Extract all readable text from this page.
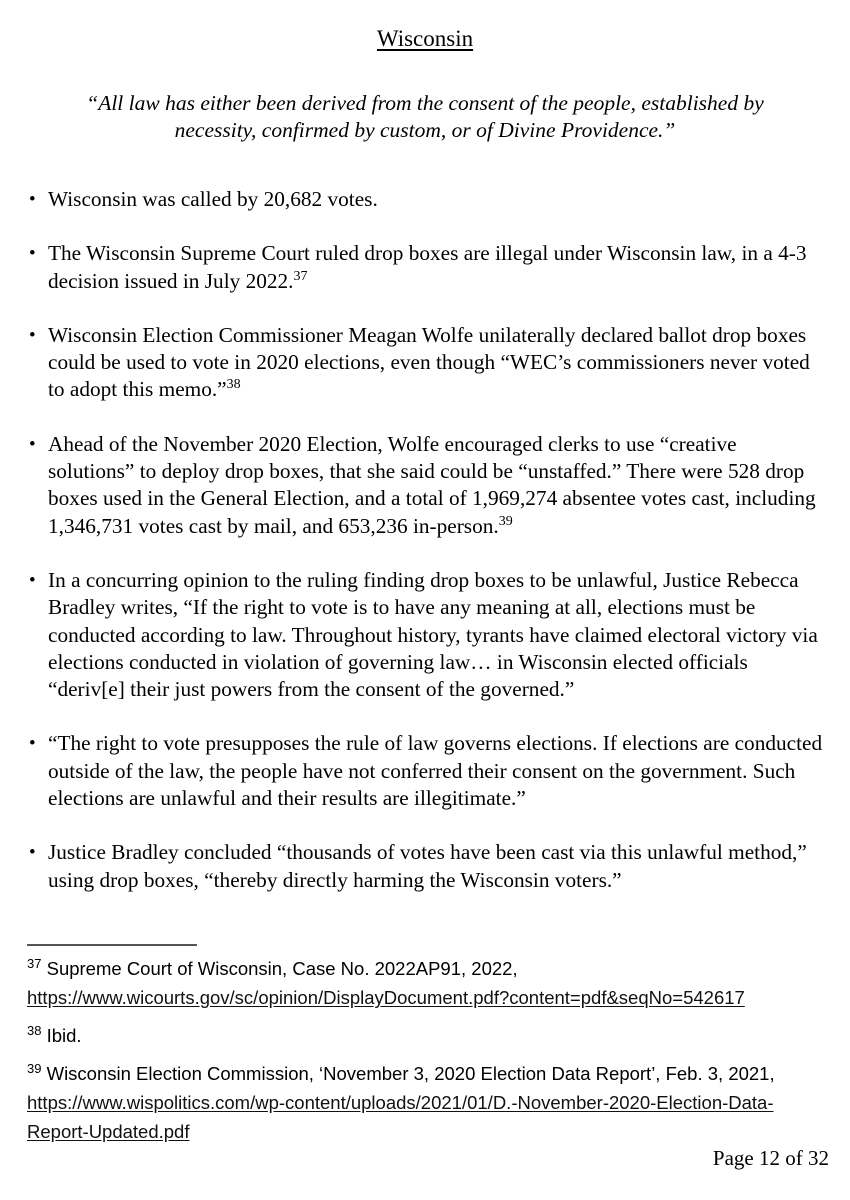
Wisconsin
“All law has either been derived from the consent of the people, established by
necessity, confirmed by custom, or of Divine Providence.”
• Wisconsin was called by 20,682 votes.
• The Wisconsin Supreme Court ruled drop boxes are illegal under Wisconsin law, in a 4-3 decision issued in July 2022.37
• Wisconsin Election Commissioner Meagan Wolfe unilaterally declared ballot drop boxes could be used to vote in 2020 elections, even though “WEC’s commissioners never voted to adopt this memo.”$^{38}$
• Ahead of the November 2020 Election, Wolfe encouraged clerks to use “creative solutions” to deploy drop boxes, that she said could be “unstaffed.” There were 528 drop boxes used in the General Election, and a total of 1,969,274 absentee votes cast, including 1,346,731 votes cast by mail, and 653,236 in-person.$^{39}$
• In a concurring opinion to the ruling finding drop boxes to be unlawful, Justice Rebecca Bradley writes, “If the right to vote is to have any meaning at all, elections must be conducted according to law. Throughout history, tyrants have claimed electoral victory via elections conducted in violation of governing law… in Wisconsin elected officials “deriv[e] their just powers from the consent of the governed.”
• “The right to vote presupposes the rule of law governs elections. If elections are conducted outside of the law, the people have not conferred their consent on the government. Such elections are unlawful and their results are illegitimate.”
• Justice Bradley concluded “thousands of votes have been cast via this unlawful method,” using drop boxes, “thereby directly harming the Wisconsin voters.”

$^{37}$ Supreme Court of Wisconsin, Case No. 2022AP91, 2022, https://www.wicourts.gov/sc/opinion/DisplayDocument.pdf?content=pdf&seqNo=542617

$^{38}$ Ibid.

$^{39}$ Wisconsin Election Commission, ‘November 3, 2020 Election Data Report’, Feb. 3, 2021, https://www.wispolitics.com/wp-content/uploads/2021/01/D.-November-2020-Election-Data-Report-Updated.pdf

Page 12 of 32
